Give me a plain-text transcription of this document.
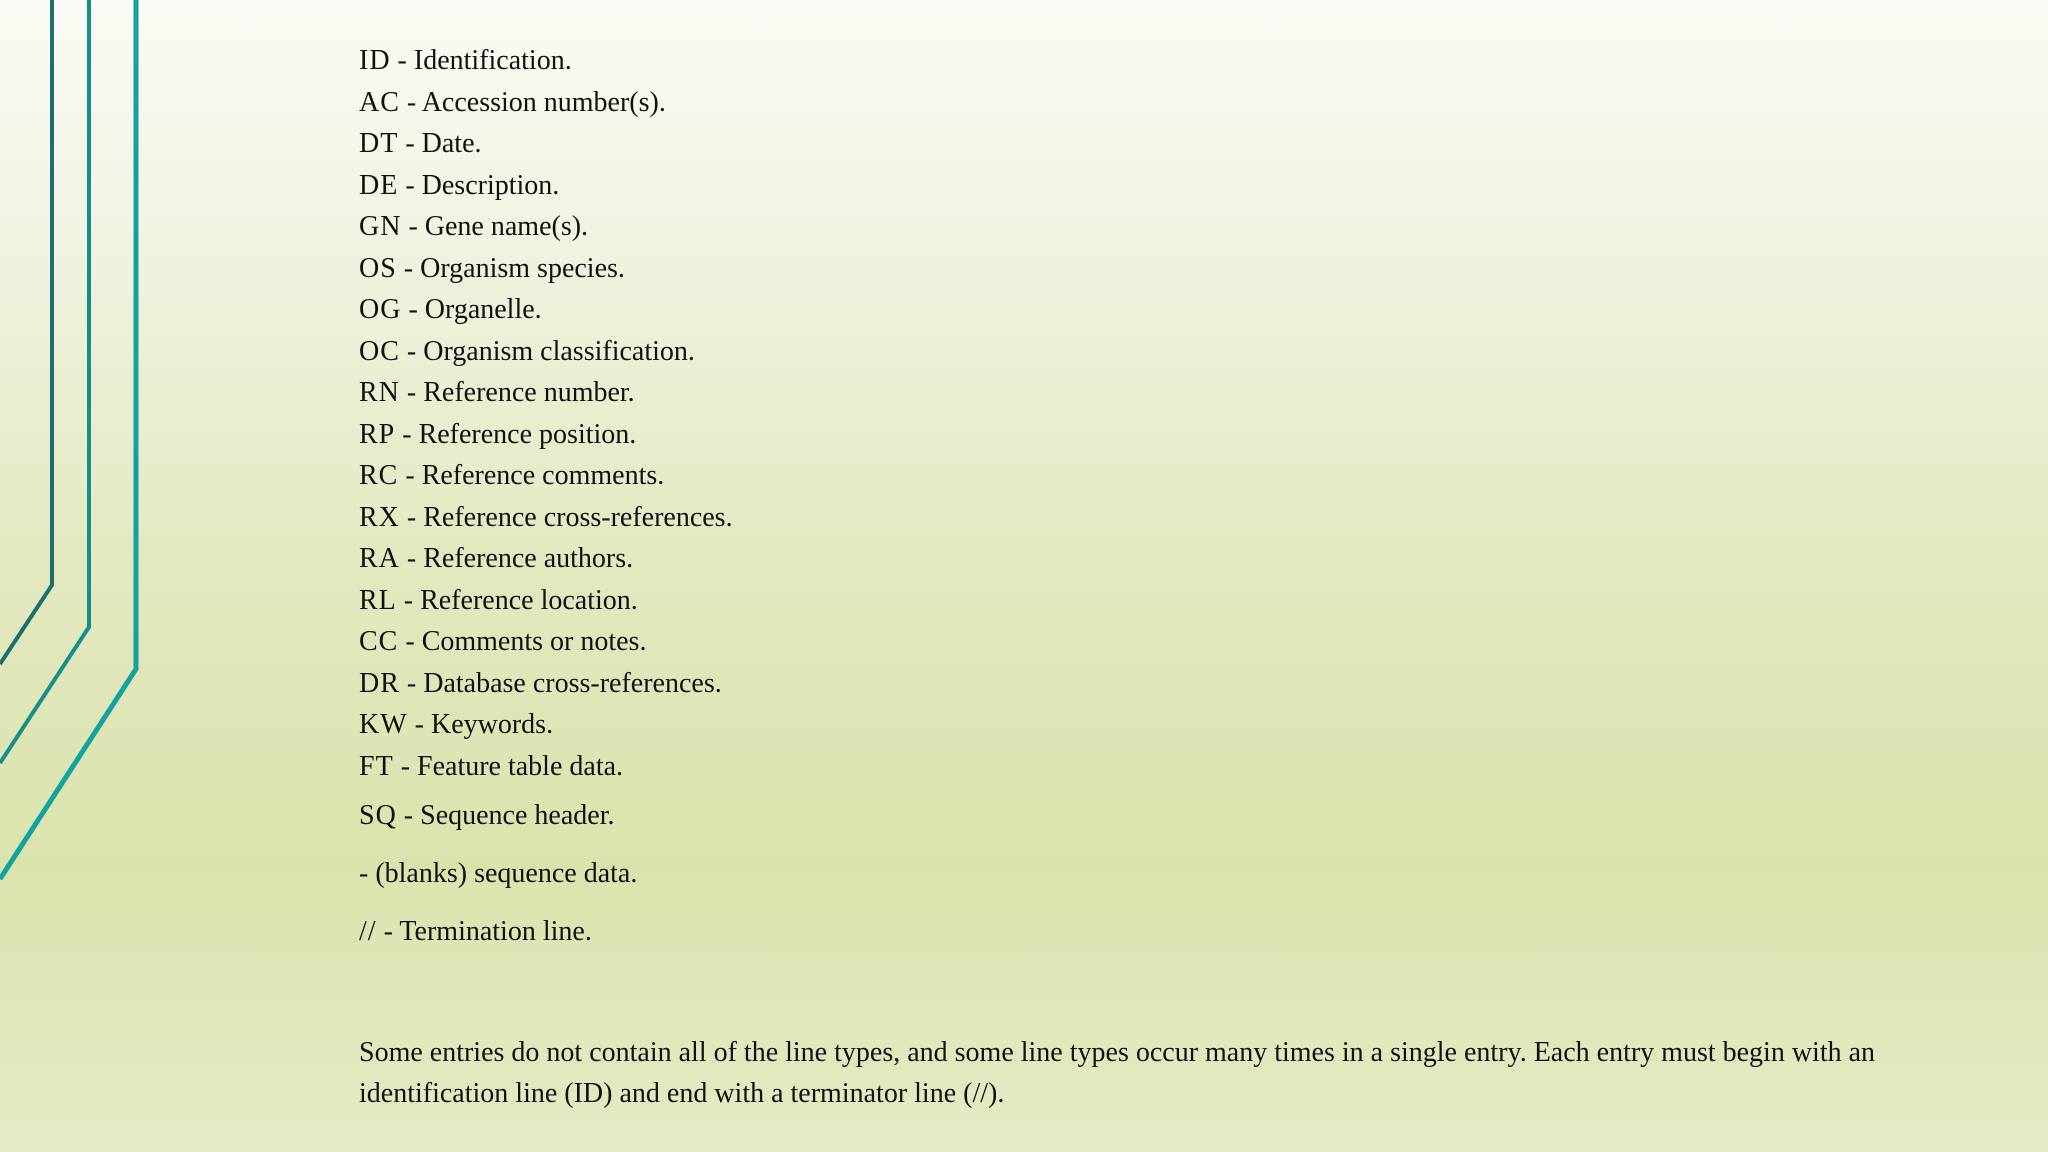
ID - Identification.
AC - Accession number(s).
DT - Date.
DE - Description.
GN - Gene name(s).
OS - Organism species.
OG - Organelle.
OC - Organism classification.
RN - Reference number.
RP - Reference position.
RC - Reference comments.
RX - Reference cross-references.
RA - Reference authors.
RL - Reference location.
CC - Comments or notes.
DR - Database cross-references.
KW - Keywords.
FT - Feature table data.
SQ - Sequence header.
- (blanks) sequence data.
// - Termination line.

Some entries do not contain all of the line types, and some line types occur many times in a single entry. Each entry must begin with an identification line (ID) and end with a terminator line (//).
